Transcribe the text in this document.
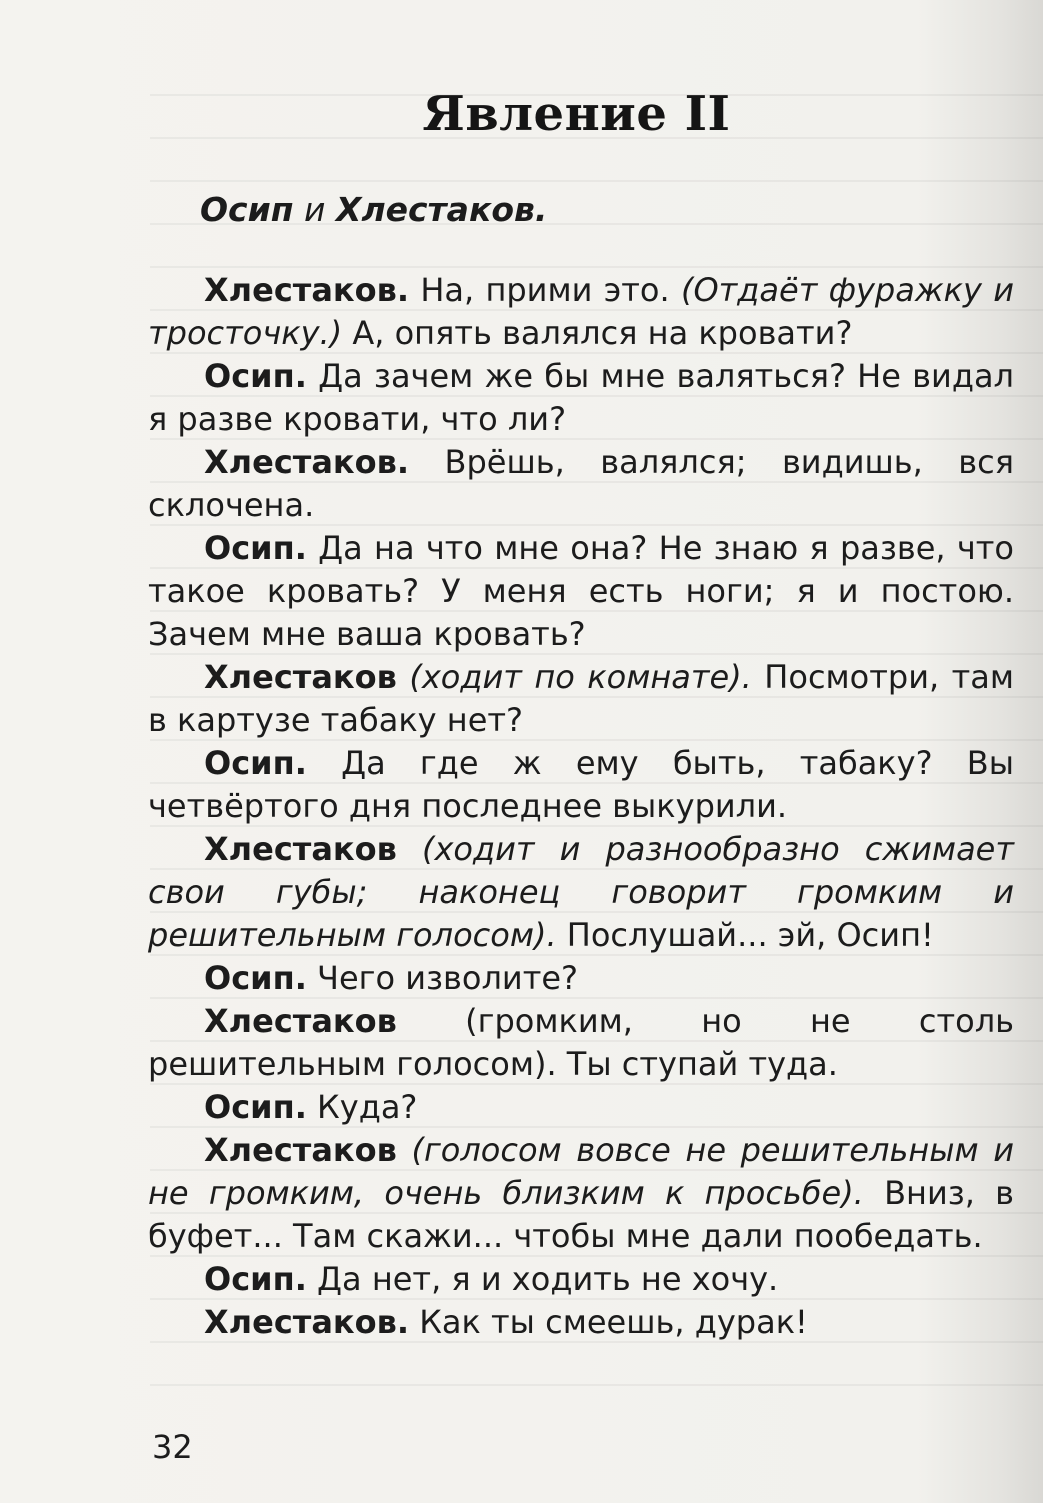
Явление II

Осип и Хлестаков.

Хлестаков. На, прими это. (Отдаёт фуражку и тросточку.) А, опять валялся на кровати?

Осип. Да зачем же бы мне валяться? Не видал я разве кровати, что ли?

Хлестаков. Врёшь, валялся; видишь, вся склочена.

Осип. Да на что мне она? Не знаю я разве, что такое кровать? У меня есть ноги; я и постою. Зачем мне ваша кровать?

Хлестаков (ходит по комнате). Посмотри, там в картузе табаку нет?

Осип. Да где ж ему быть, табаку? Вы четвёртого дня последнее выкурили.

Хлестаков (ходит и разнообразно сжимает свои губы; наконец говорит громким и решительным голосом). Послушай... эй, Осип!

Осип. Чего изволите?

Хлестаков (громким, но не столь решительным голосом). Ты ступай туда.

Осип. Куда?

Хлестаков (голосом вовсе не решительным и не громким, очень близким к просьбе). Вниз, в буфет... Там скажи... чтобы мне дали пообедать.

Осип. Да нет, я и ходить не хочу.

Хлестаков. Как ты смеешь, дурак!

32
